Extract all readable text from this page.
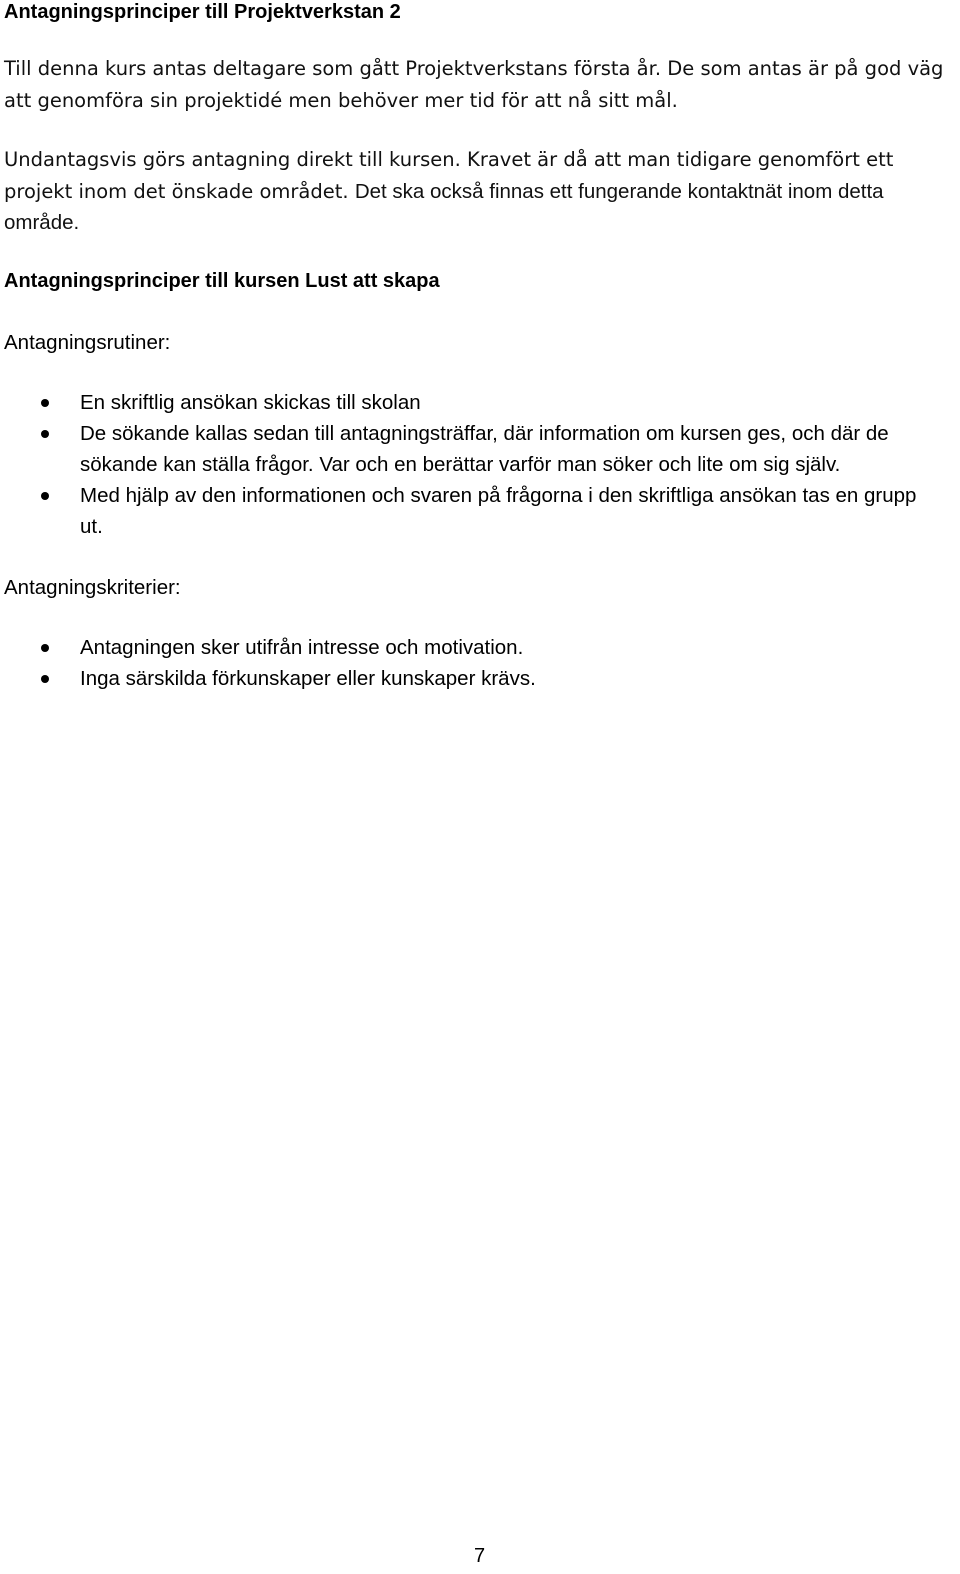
Antagningsprinciper till Projektverkstan 2

Till denna kurs antas deltagare som gått Projektverkstans första år. De som antas är på god väg att genomföra sin projektidé men behöver mer tid för att nå sitt mål.

Undantagsvis görs antagning direkt till kursen. Kravet är då att man tidigare genomfört ett projekt inom det önskade området. Det ska också finnas ett fungerande kontaktnät inom detta område.

Antagningsprinciper till kursen Lust att skapa

Antagningsrutiner:

En skriftlig ansökan skickas till skolan
De sökande kallas sedan till antagningsträffar, där information om kursen ges, och där de sökande kan ställa frågor. Var och en berättar varför man söker och lite om sig själv.
Med hjälp av den informationen och svaren på frågorna i den skriftliga ansökan tas en grupp ut.

Antagningskriterier:

Antagningen sker utifrån intresse och motivation.
Inga särskilda förkunskaper eller kunskaper krävs.
7
